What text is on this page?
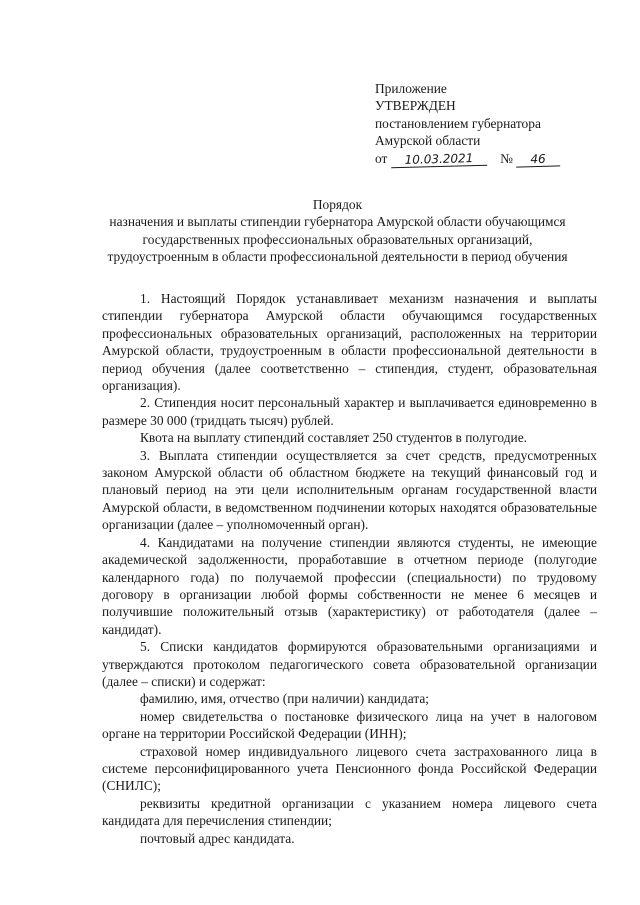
Приложение
УТВЕРЖДЕН
постановлением губернатора
Амурской области
от 10.03.2021 № 46
Порядок
назначения и выплаты стипендии губернатора Амурской области обучающимся государственных профессиональных образовательных организаций, трудоустроенным в области профессиональной деятельности в период обучения

1. Настоящий Порядок устанавливает механизм назначения и выплаты стипендии губернатора Амурской области обучающимся государственных профессиональных образовательных организаций, расположенных на территории Амурской области, трудоустроенным в области профессиональной деятельности в период обучения (далее соответственно – стипендия, студент, образовательная организация).

2. Стипендия носит персональный характер и выплачивается единовременно в размере 30 000 (тридцать тысяч) рублей.

Квота на выплату стипендий составляет 250 студентов в полугодие.

3. Выплата стипендии осуществляется за счет средств, предусмотренных законом Амурской области об областном бюджете на текущий финансовый год и плановый период на эти цели исполнительным органам государственной власти Амурской области, в ведомственном подчинении которых находятся образовательные организации (далее – уполномоченный орган).

4. Кандидатами на получение стипендии являются студенты, не имеющие академической задолженности, проработавшие в отчетном периоде (полугодие календарного года) по получаемой профессии (специальности) по трудовому договору в организации любой формы собственности не менее 6 месяцев и получившие положительный отзыв (характеристику) от работодателя (далее – кандидат).

5. Списки кандидатов формируются образовательными организациями и утверждаются протоколом педагогического совета образовательной организации (далее – списки) и содержат:

фамилию, имя, отчество (при наличии) кандидата;

номер свидетельства о постановке физического лица на учет в налоговом органе на территории Российской Федерации (ИНН);

страховой номер индивидуального лицевого счета застрахованного лица в системе персонифицированного учета Пенсионного фонда Российской Федерации (СНИЛС);

реквизиты кредитной организации с указанием номера лицевого счета кандидата для перечисления стипендии;

почтовый адрес кандидата.
